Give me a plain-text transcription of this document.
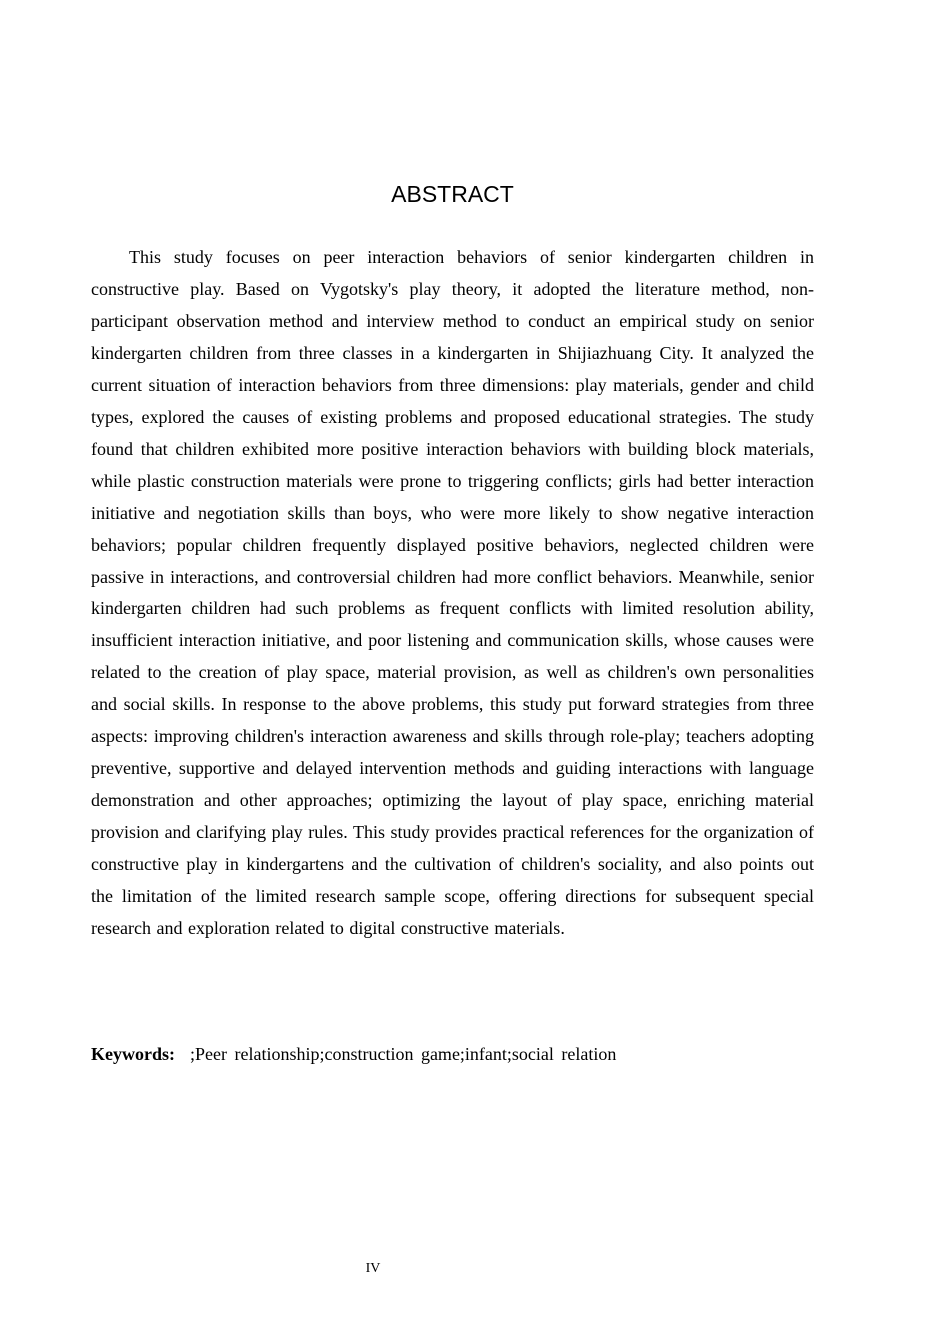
ABSTRACT

This study focuses on peer interaction behaviors of senior kindergarten children in constructive play. Based on Vygotsky's play theory, it adopted the literature method, non-participant observation method and interview method to conduct an empirical study on senior kindergarten children from three classes in a kindergarten in Shijiazhuang City. It analyzed the current situation of interaction behaviors from three dimensions: play materials, gender and child types, explored the causes of existing problems and proposed educational strategies. The study found that children exhibited more positive interaction behaviors with building block materials, while plastic construction materials were prone to triggering conflicts; girls had better interaction initiative and negotiation skills than boys, who were more likely to show negative interaction behaviors; popular children frequently displayed positive behaviors, neglected children were passive in interactions, and controversial children had more conflict behaviors. Meanwhile, senior kindergarten children had such problems as frequent conflicts with limited resolution ability, insufficient interaction initiative, and poor listening and communication skills, whose causes were related to the creation of play space, material provision, as well as children's own personalities and social skills. In response to the above problems, this study put forward strategies from three aspects: improving children's interaction awareness and skills through role-play; teachers adopting preventive, supportive and delayed intervention methods and guiding interactions with language demonstration and other approaches; optimizing the layout of play space, enriching material provision and clarifying play rules. This study provides practical references for the organization of constructive play in kindergartens and the cultivation of children's sociality, and also points out the limitation of the limited research sample scope, offering directions for subsequent special research and exploration related to digital constructive materials.

Keywords: ;Peer relationship;construction game;infant;social relation

IV
